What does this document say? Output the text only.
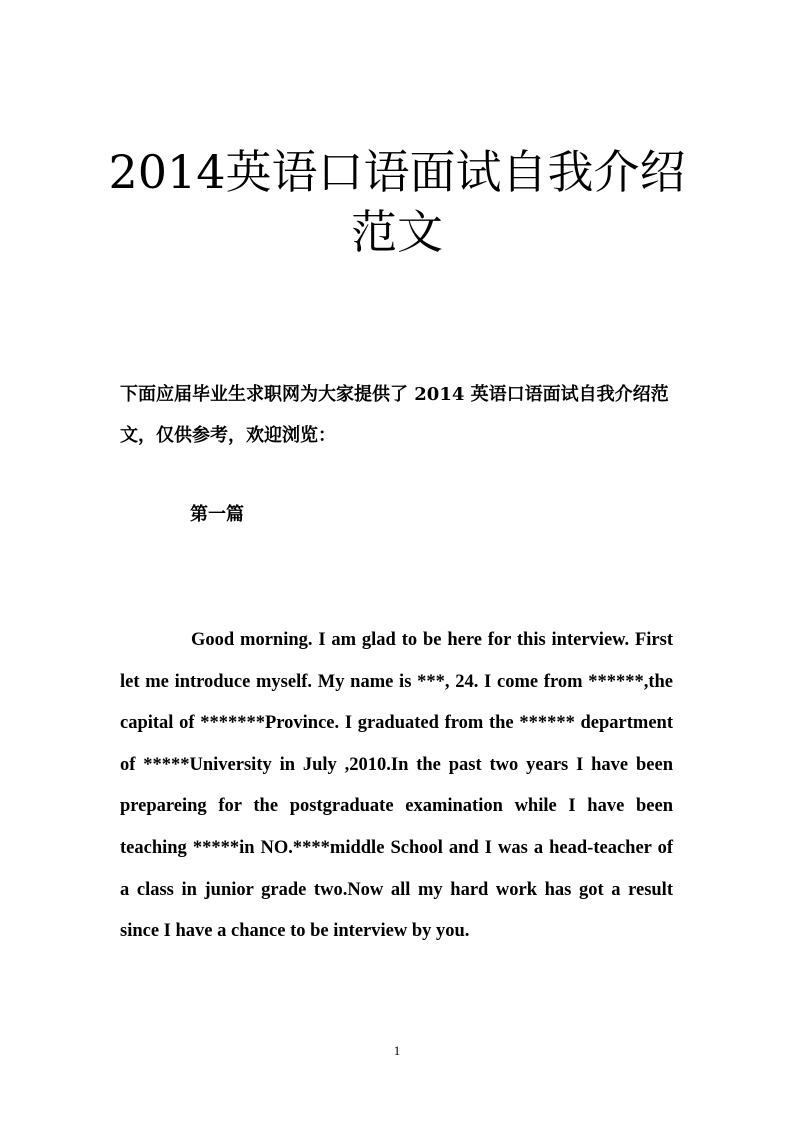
2014英语口语面试自我介绍范文

下面应届毕业生求职网为大家提供了 2014 英语口语面试自我介绍范文，仅供参考，欢迎浏览：

第一篇

Good morning. I am glad to be here for this interview. First let me introduce myself. My name is ***, 24. I come from ******,the capital of *******Province. I graduated from the ****** department of *****University in July ,2010.In the past two years I have been prepareing for the postgraduate examination while I have been teaching *****in NO.****middle School and I was a head-teacher of a class in junior grade two.Now all my hard work has got a result since I have a chance to be interview by you.

1
